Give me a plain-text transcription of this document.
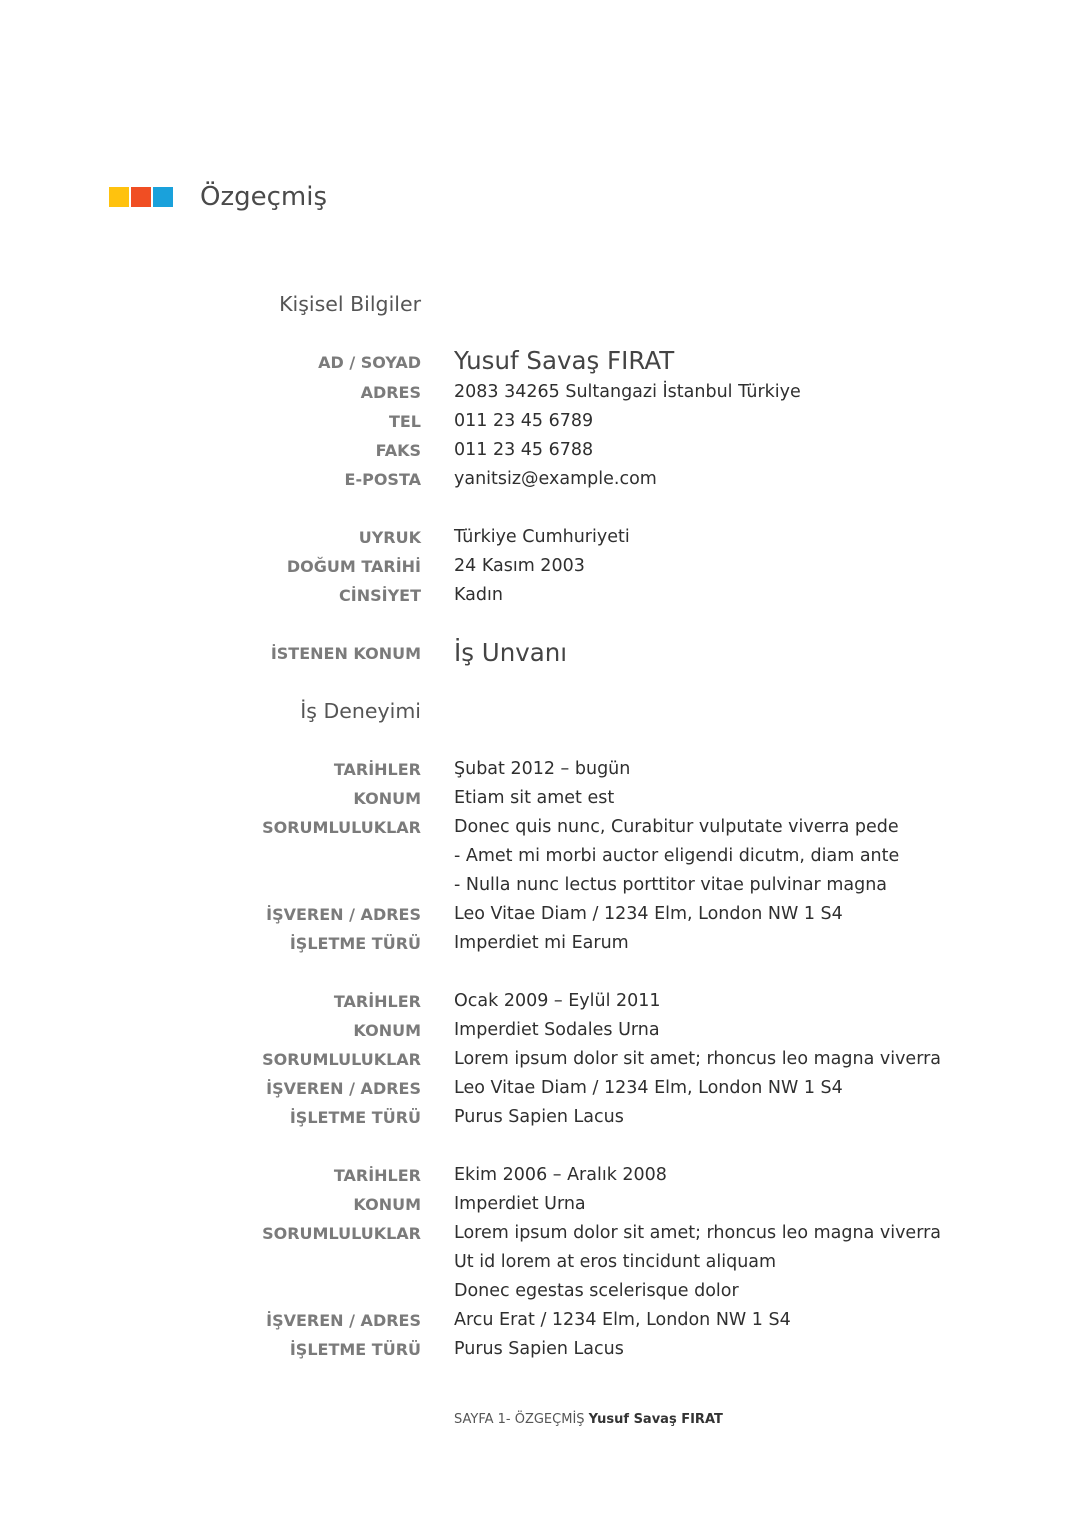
Özgeçmiş
Kişisel Bilgiler
AD / SOYAD Yusuf Savaş FIRAT
ADRES 2083 34265 Sultangazi İstanbul Türkiye
TEL 011 23 45 6789
FAKS 011 23 45 6788
E-POSTA yanitsiz@example.com
UYRUK Türkiye Cumhuriyeti
DOĞUM TARİHİ 24 Kasım 2003
CİNSİYET Kadın
İSTENEN KONUM İş Unvanı
İş Deneyimi
TARİHLER Şubat 2012 – bugün
KONUM Etiam sit amet est
SORUMLULUKLAR Donec quis nunc, Curabitur vulputate viverra pede
- Amet mi morbi auctor eligendi dicutm, diam ante
- Nulla nunc lectus porttitor vitae pulvinar magna
İŞVEREN / ADRES Leo Vitae Diam / 1234 Elm, London NW 1 S4
İŞLETME TÜRÜ Imperdiet mi Earum
TARİHLER Ocak 2009 – Eylül 2011
KONUM Imperdiet Sodales Urna
SORUMLULUKLAR Lorem ipsum dolor sit amet; rhoncus leo magna viverra
İŞVEREN / ADRES Leo Vitae Diam / 1234 Elm, London NW 1 S4
İŞLETME TÜRÜ Purus Sapien Lacus
TARİHLER Ekim 2006 – Aralık 2008
KONUM Imperdiet Urna
SORUMLULUKLAR Lorem ipsum dolor sit amet; rhoncus leo magna viverra
Ut id lorem at eros tincidunt aliquam
Donec egestas scelerisque dolor
İŞVEREN / ADRES Arcu Erat / 1234 Elm, London NW 1 S4
İŞLETME TÜRÜ Purus Sapien Lacus
SAYFA 1- ÖZGEÇMİŞ Yusuf Savaş FIRAT
